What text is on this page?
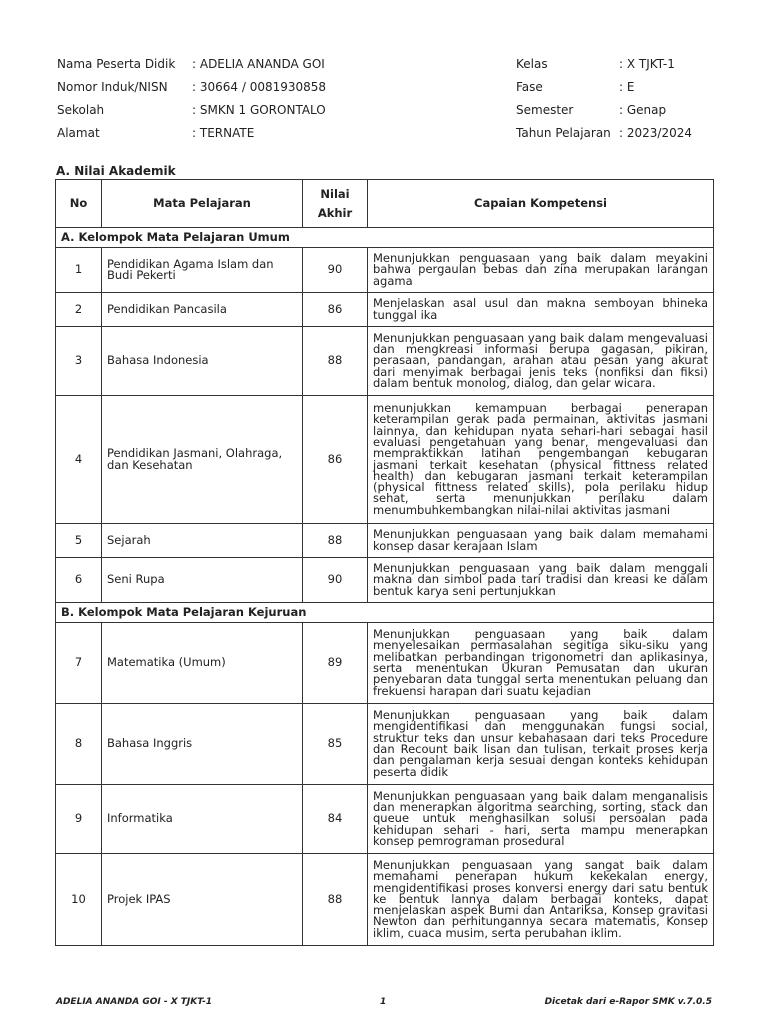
Nama Peserta Didik : ADELIA ANANDA GOI
Nomor Induk/NISN : 30664 / 0081930858
Sekolah	: SMKN 1 GORONTALO
Alamat	: TERNATE
Kelas	: X TJKT-1
Fase	: E
Semester	: Genap
Tahun Pelajaran : 2023/2024
A. Nilai Akademik
No	Mata Pelajaran	Nilai Akhir	Capaian Kompetensi
A. Kelompok Mata Pelajaran Umum			
1	Pendidikan Agama Islam dan Budi Pekerti	90	Menunjukkan penguasaan yang baik dalam meyakini bahwa pergaulan bebas dan zina merupakan larangan agama
2	Pendidikan Pancasila	86	Menjelaskan asal usul dan makna semboyan bhineka tunggal ika
3	Bahasa Indonesia	88	Menunjukkan penguasaan yang baik dalam mengevaluasi dan mengkreasi informasi berupa gagasan, pikiran, perasaan, pandangan, arahan atau pesan yang akurat dari menyimak berbagai jenis teks (nonfiksi dan fiksi) dalam bentuk monolog, dialog, dan gelar wicara.
4	Pendidikan Jasmani, Olahraga, dan Kesehatan	86	menunjukkan kemampuan berbagai penerapan keterampilan gerak pada permainan, aktivitas jasmani lainnya, dan kehidupan nyata sehari-hari sebagai hasil evaluasi pengetahuan yang benar, mengevaluasi dan mempraktikkan latihan pengembangan kebugaran jasmani terkait kesehatan (physical fittness related health) dan kebugaran jasmani terkait keterampilan (physical fittness related skills), pola perilaku hidup sehat, serta menunjukkan perilaku dalam menumbuhkembangkan nilai-nilai aktivitas jasmani
5	Sejarah	88	Menunjukkan penguasaan yang baik dalam memahami konsep dasar kerajaan Islam
6	Seni Rupa	90	Menunjukkan penguasaan yang baik dalam menggali makna dan simbol pada tari tradisi dan kreasi ke dalam bentuk karya seni pertunjukkan
B. Kelompok Mata Pelajaran Kejuruan			
7	Matematika (Umum)	89	Menunjukkan penguasaan yang baik dalam menyelesaikan permasalahan segitiga siku-siku yang melibatkan perbandingan trigonometri dan aplikasinya, serta menentukan Ukuran Pemusatan dan ukuran penyebaran data tunggal serta menentukan peluang dan frekuensi harapan dari suatu kejadian
8	Bahasa Inggris	85	Menunjukkan penguasaan yang baik dalam mengidentifikasi dan menggunakan fungsi social, struktur teks dan unsur kebahasaan dari teks Procedure dan Recount baik lisan dan tulisan, terkait proses kerja dan pengalaman kerja sesuai dengan konteks kehidupan peserta didik
9	Informatika	84	Menunjukkan penguasaan yang baik dalam menganalisis dan menerapkan algoritma searching, sorting, stack dan queue untuk menghasilkan solusi persoalan pada kehidupan sehari - hari, serta mampu menerapkan konsep pemrograman prosedural
10	Projek IPAS	88	Menunjukkan penguasaan yang sangat baik dalam memahami penerapan hukum kekekalan energy, mengidentifikasi proses konversi energy dari satu bentuk ke bentuk lannya dalam berbagai konteks, dapat menjelaskan aspek Bumi dan Antariksa, Konsep gravitasi Newton dan perhitungannya secara matematis, Konsep iklim, cuaca musim, serta perubahan iklim.
ADELIA ANANDA GOI - X TJKT-1	1	Dicetak dari e-Rapor SMK v.7.0.5
